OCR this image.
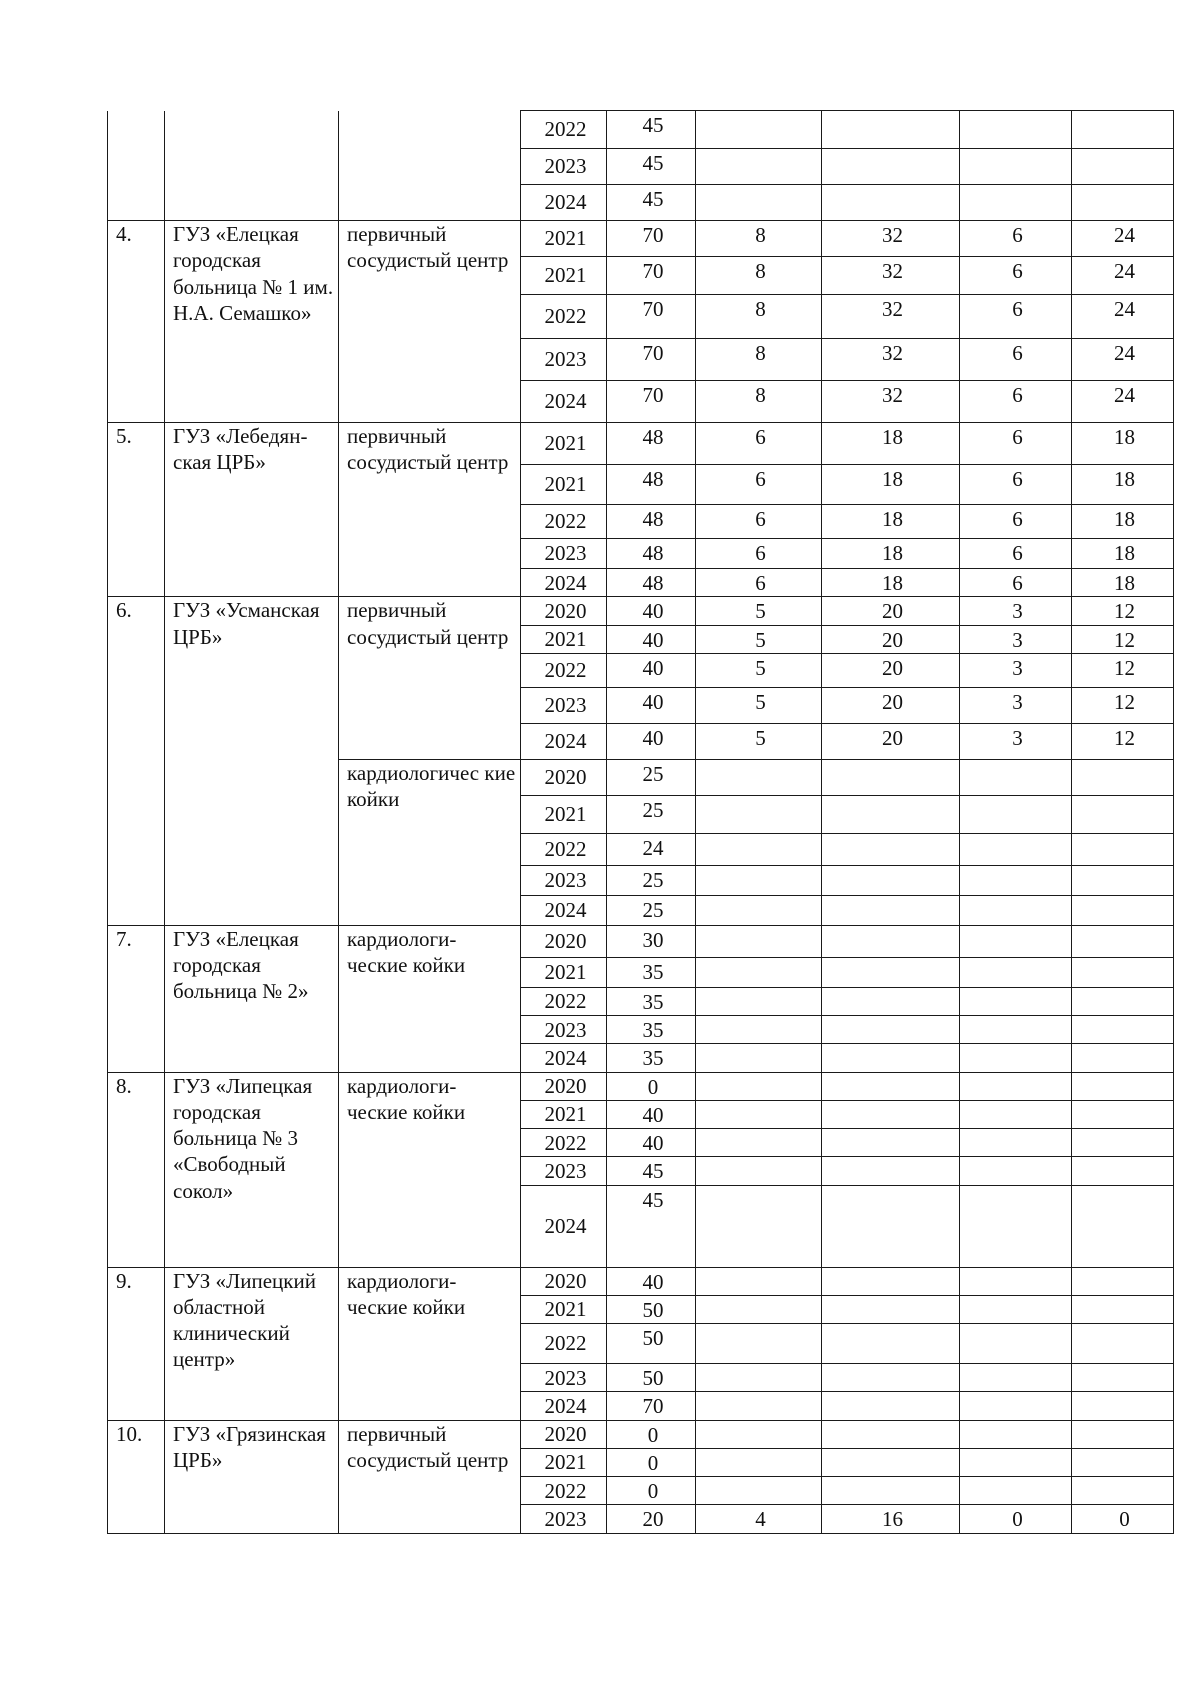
			2022	45				
			2023	45				
			2024	45				
4.	ГУЗ «Елецкая городская больница № 1 им. Н.А. Семашко»	первичный сосудистый центр	2021	70	8	32	6	24
			2021	70	8	32	6	24
			2022	70	8	32	6	24
			2023	70	8	32	6	24
			2024	70	8	32	6	24
5.	ГУЗ «Лебедян-ская ЦРБ»	первичный сосудистый центр	2021	48	6	18	6	18
			2021	48	6	18	6	18
			2022	48	6	18	6	18
			2023	48	6	18	6	18
			2024	48	6	18	6	18
6.	ГУЗ «Усманская ЦРБ»	первичный сосудистый центр	2020	40	5	20	3	12
			2021	40	5	20	3	12
			2022	40	5	20	3	12
			2023	40	5	20	3	12
			2024	40	5	20	3	12
		кардиологичес кие койки	2020	25				
			2021	25				
			2022	24				
			2023	25				
			2024	25				
7.	ГУЗ «Елецкая городская больница № 2»	кардиологи-ческие койки	2020	30				
			2021	35				
			2022	35				
			2023	35				
			2024	35				
8.	ГУЗ «Липецкая городская больница № 3 «Свободный сокол»	кардиологи-ческие койки	2020	0				
			2021	40				
			2022	40				
			2023	45				
			2024	45				
9.	ГУЗ «Липецкий областной клинический центр»	кардиологи-ческие койки	2020	40				
			2021	50				
			2022	50				
			2023	50				
			2024	70				
10.	ГУЗ «Грязинская ЦРБ»	первичный сосудистый центр	2020	0				
			2021	0				
			2022	0				
			2023	20	4	16	0	0
